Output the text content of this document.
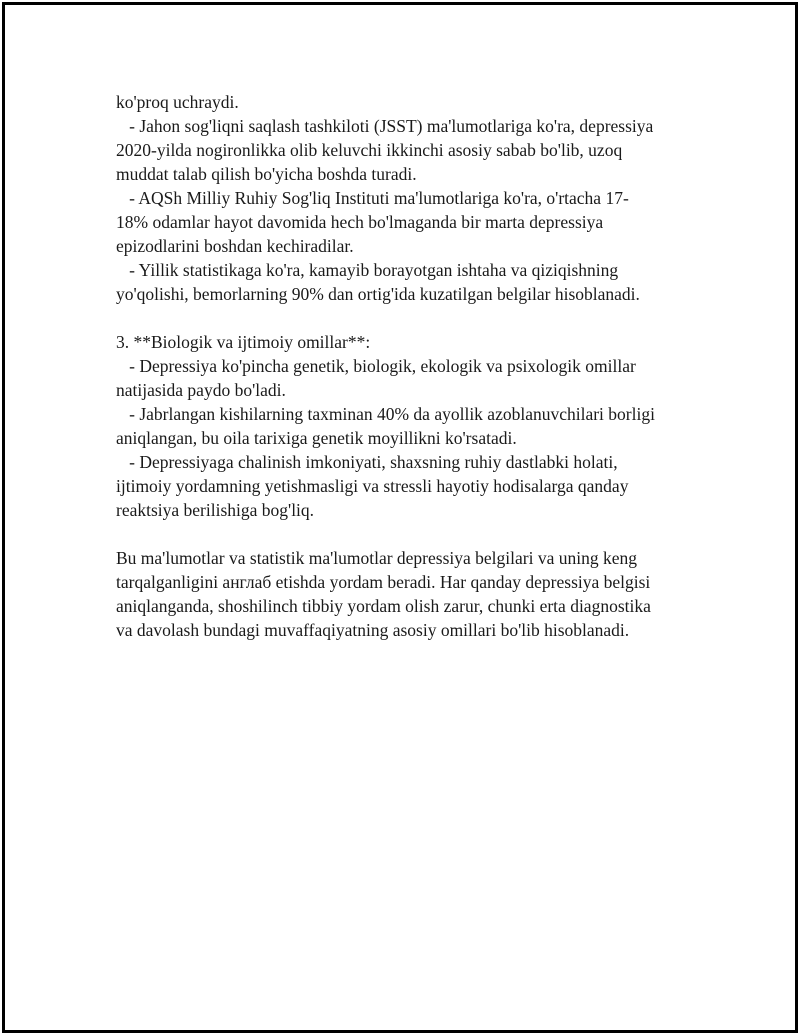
ko'proq uchraydi.
- Jahon sog'liqni saqlash tashkiloti (JSST) ma'lumotlariga ko'ra, depressiya
2020-yilda nogironlikka olib keluvchi ikkinchi asosiy sabab bo'lib, uzoq
muddat talab qilish bo'yicha boshda turadi.
- AQSh Milliy Ruhiy Sog'liq Instituti ma'lumotlariga ko'ra, o'rtacha 17-
18% odamlar hayot davomida hech bo'lmaganda bir marta depressiya
epizodlarini boshdan kechiradilar.
- Yillik statistikaga ko'ra, kamayib borayotgan ishtaha va qiziqishning
yo'qolishi, bemorlarning 90% dan ortig'ida kuzatilgan belgilar hisoblanadi.
3. **Biologik va ijtimoiy omillar**:
- Depressiya ko'pincha genetik, biologik, ekologik va psixologik omillar
natijasida paydo bo'ladi.
- Jabrlangan kishilarning taxminan 40% da ayollik azoblanuvchilari borligi
aniqlangan, bu oila tarixiga genetik moyillikni ko'rsatadi.
- Depressiyaga chalinish imkoniyati, shaxsning ruhiy dastlabki holati,
ijtimoiy yordamning yetishmasligi va stressli hayotiy hodisalarga qanday
reaktsiya berilishiga bog'liq.
Bu ma'lumotlar va statistik ma'lumotlar depressiya belgilari va uning keng
tarqalganligini англаб etishda yordam beradi. Har qanday depressiya belgisi
aniqlanganda, shoshilinch tibbiy yordam olish zarur, chunki erta diagnostika
va davolash bundagi muvaffaqiyatning asosiy omillari bo'lib hisoblanadi.
